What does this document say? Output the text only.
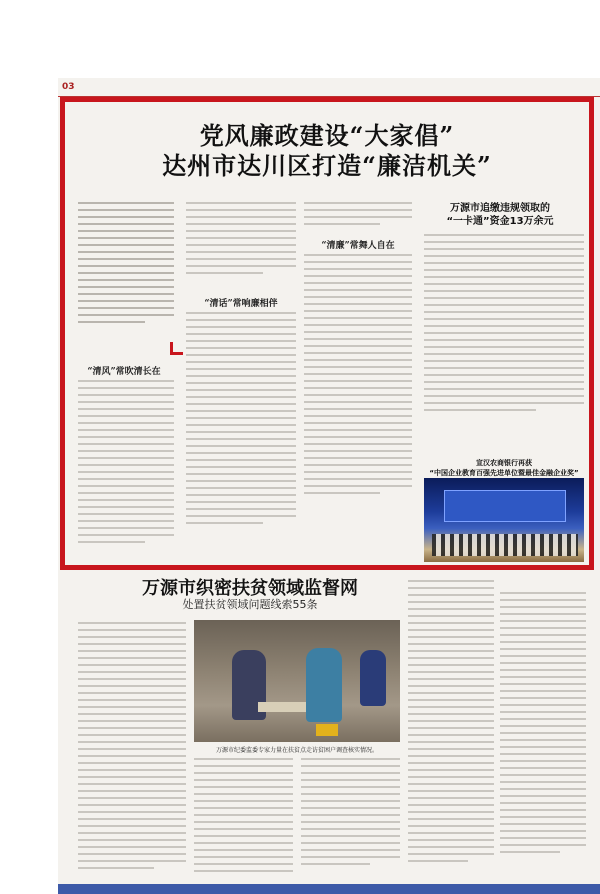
03
党风廉政建设“大家倡”
达州市达川区打造“廉洁机关”
“清风”常吹清长在
“清话”常响廉相伴
“清廉”常舞人自在
万源市追缴违规领取的
“一卡通”资金13万余元
宣汉农商银行再获
“中国企业教育百强先进单位暨最佳金融企业奖”
万源市织密扶贫领域监督网
处置扶贫领域问题线索55条
万源市纪委监委专家力量在扶贫点走访贫困户调查核实情况。
